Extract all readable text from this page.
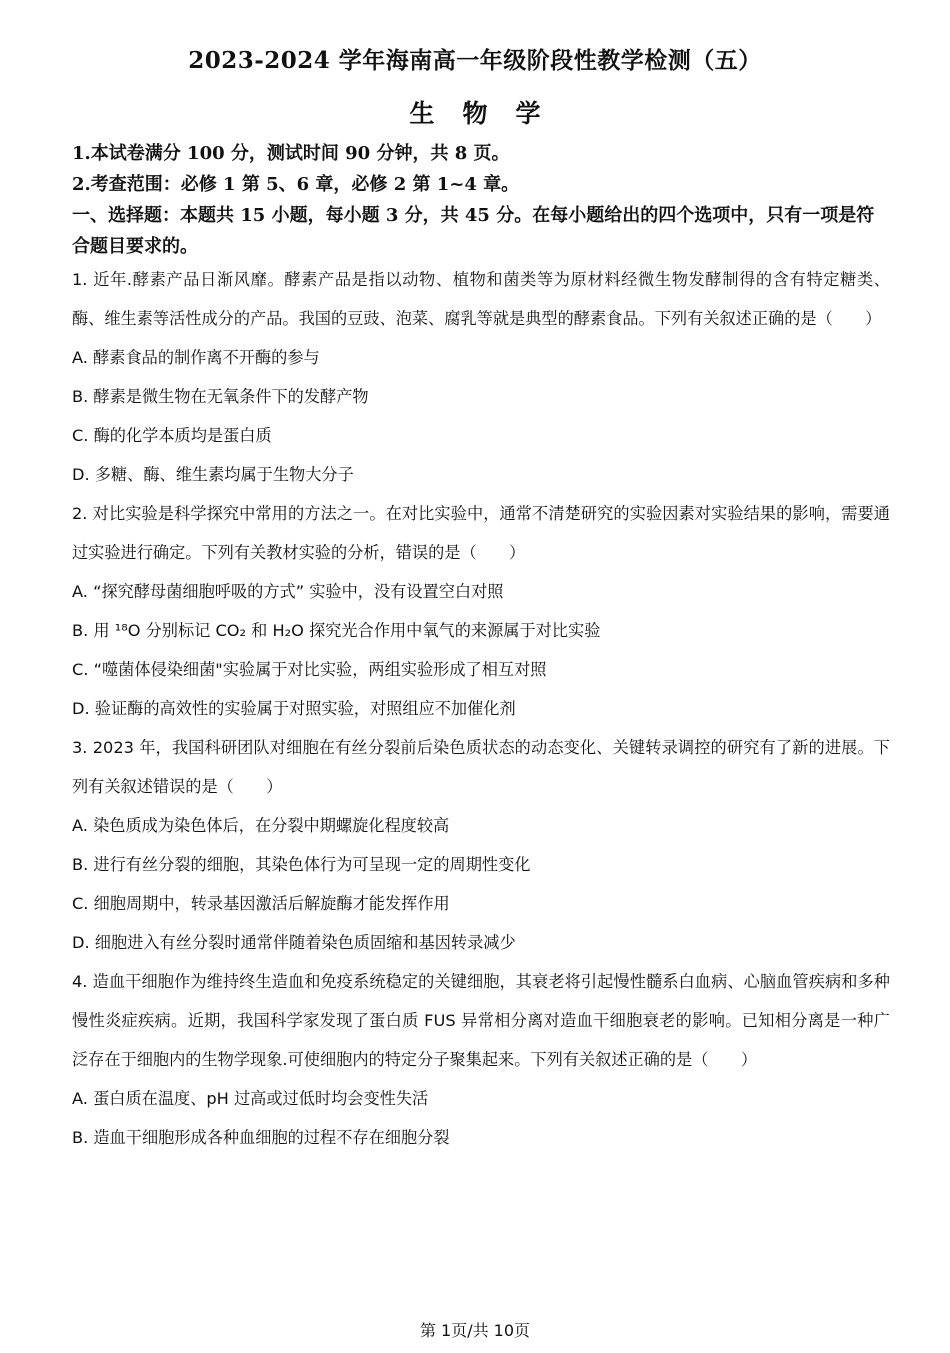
2023-2024 学年海南高一年级阶段性教学检测（五）
生物学
1.本试卷满分 100 分，测试时间 90 分钟，共 8 页。
2.考查范围：必修 1 第 5、6 章，必修 2 第 1~4 章。
一、选择题：本题共 15 小题，每小题 3 分，共 45 分。在每小题给出的四个选项中，只有一项是符合题目要求的。

1. 近年.酵素产品日渐风靡。酵素产品是指以动物、植物和菌类等为原材料经微生物发酵制得的含有特定糖类、酶、维生素等活性成分的产品。我国的豆豉、泡菜、腐乳等就是典型的酵素食品。下列有关叙述正确的是（　　）

A. 酵素食品的制作离不开酶的参与

B. 酵素是微生物在无氧条件下的发酵产物

C. 酶的化学本质均是蛋白质

D. 多糖、酶、维生素均属于生物大分子

2. 对比实验是科学探究中常用的方法之一。在对比实验中，通常不清楚研究的实验因素对实验结果的影响，需要通过实验进行确定。下列有关教材实验的分析，错误的是（　　）

A. “探究酵母菌细胞呼吸的方式” 实验中，没有设置空白对照

B. 用 ¹⁸O 分别标记 CO₂ 和 H₂O 探究光合作用中氧气的来源属于对比实验

C. “噬菌体侵染细菌"实验属于对比实验，两组实验形成了相互对照

D. 验证酶的高效性的实验属于对照实验，对照组应不加催化剂

3. 2023 年，我国科研团队对细胞在有丝分裂前后染色质状态的动态变化、关键转录调控的研究有了新的进展。下列有关叙述错误的是（　　）

A. 染色质成为染色体后，在分裂中期螺旋化程度较高

B. 进行有丝分裂的细胞，其染色体行为可呈现一定的周期性变化

C. 细胞周期中，转录基因激活后解旋酶才能发挥作用

D. 细胞进入有丝分裂时通常伴随着染色质固缩和基因转录减少

4. 造血干细胞作为维持终生造血和免疫系统稳定的关键细胞，其衰老将引起慢性髓系白血病、心脑血管疾病和多种慢性炎症疾病。近期，我国科学家发现了蛋白质 FUS 异常相分离对造血干细胞衰老的影响。已知相分离是一种广泛存在于细胞内的生物学现象.可使细胞内的特定分子聚集起来。下列有关叙述正确的是（　　）

A. 蛋白质在温度、pH 过高或过低时均会变性失活

B. 造血干细胞形成各种血细胞的过程不存在细胞分裂

第 1页/共 10页
